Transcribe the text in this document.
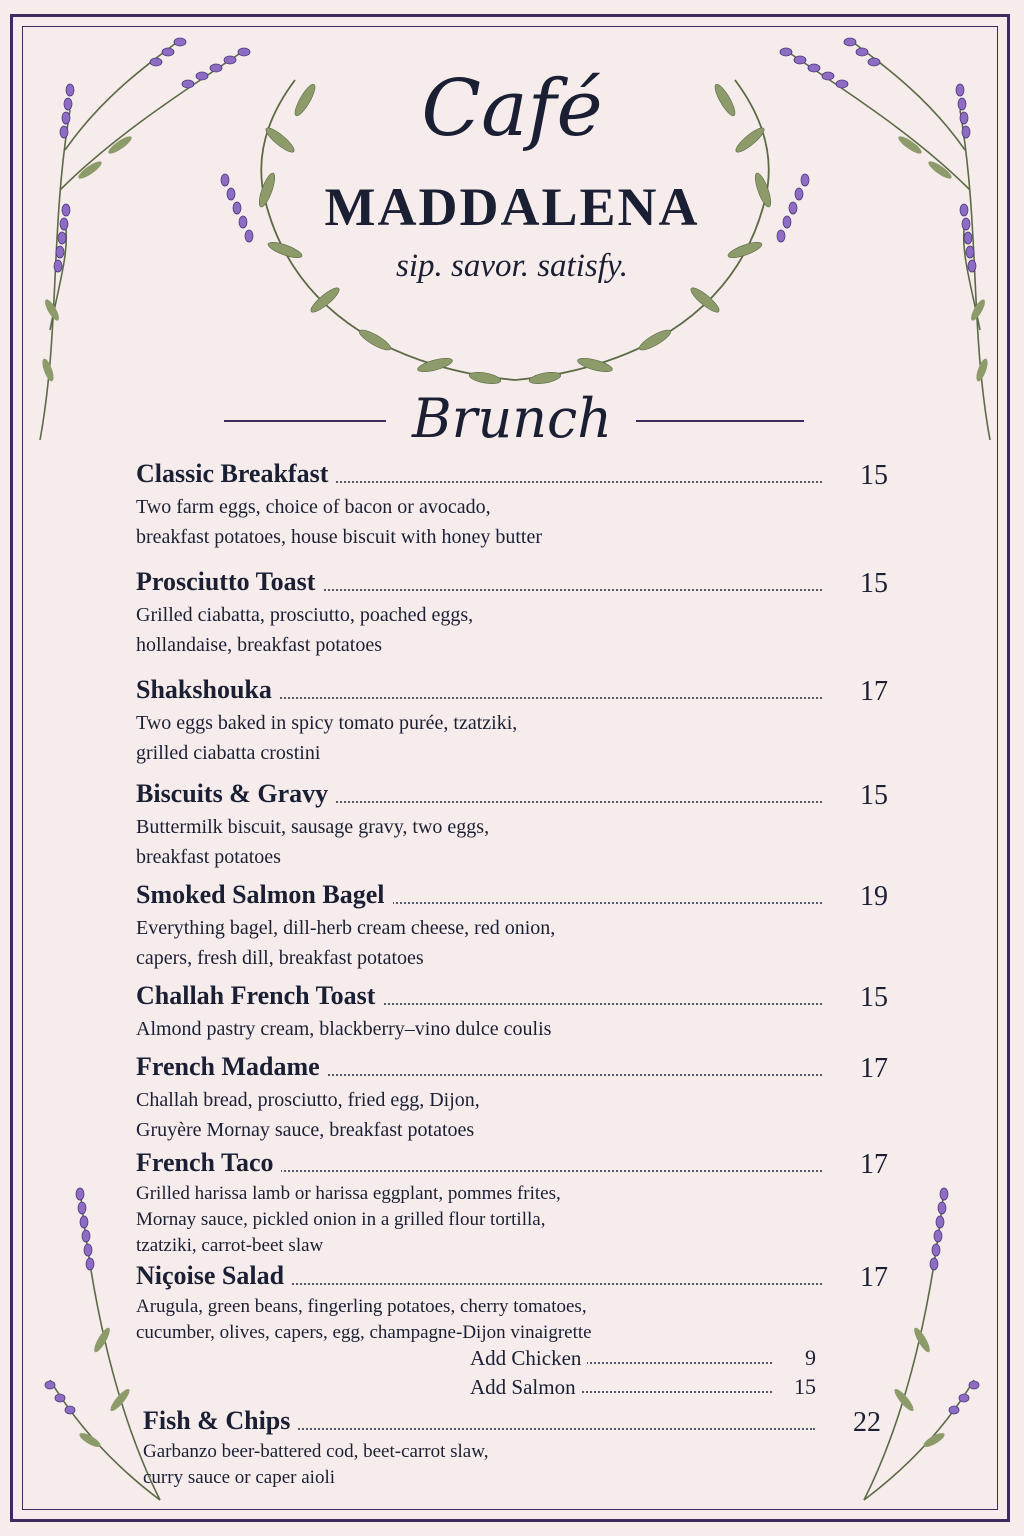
Café
MADDALENA
sip. savor. satisfy.
Brunch
Classic Breakfast	15

Two farm eggs, choice of bacon or avocado,

breakfast potatoes, house biscuit with honey butter

Prosciutto Toast	15

Grilled ciabatta, prosciutto, poached eggs,

hollandaise, breakfast potatoes

Shakshouka	17

Two eggs baked in spicy tomato purée, tzatziki,

grilled ciabatta crostini

Biscuits & Gravy	15

Buttermilk biscuit, sausage gravy, two eggs,

breakfast potatoes

Smoked Salmon Bagel	19

Everything bagel, dill-herb cream cheese, red onion,

capers, fresh dill, breakfast potatoes

Challah French Toast	15

Almond pastry cream, blackberry–vino dulce coulis

French Madame	17

Challah bread, prosciutto, fried egg, Dijon,

Gruyère Mornay sauce, breakfast potatoes

French Taco	17

Grilled harissa lamb or harissa eggplant, pommes frites,

Mornay sauce, pickled onion in a grilled flour tortilla,

tzatziki, carrot-beet slaw

Niçoise Salad	17

Arugula, green beans, fingerling potatoes, cherry tomatoes,

cucumber, olives, capers, egg, champagne-Dijon vinaigrette

Add Chicken	9
Add Salmon	15
Fish & Chips	22

Garbanzo beer-battered cod, beet-carrot slaw,

curry sauce or caper aioli
